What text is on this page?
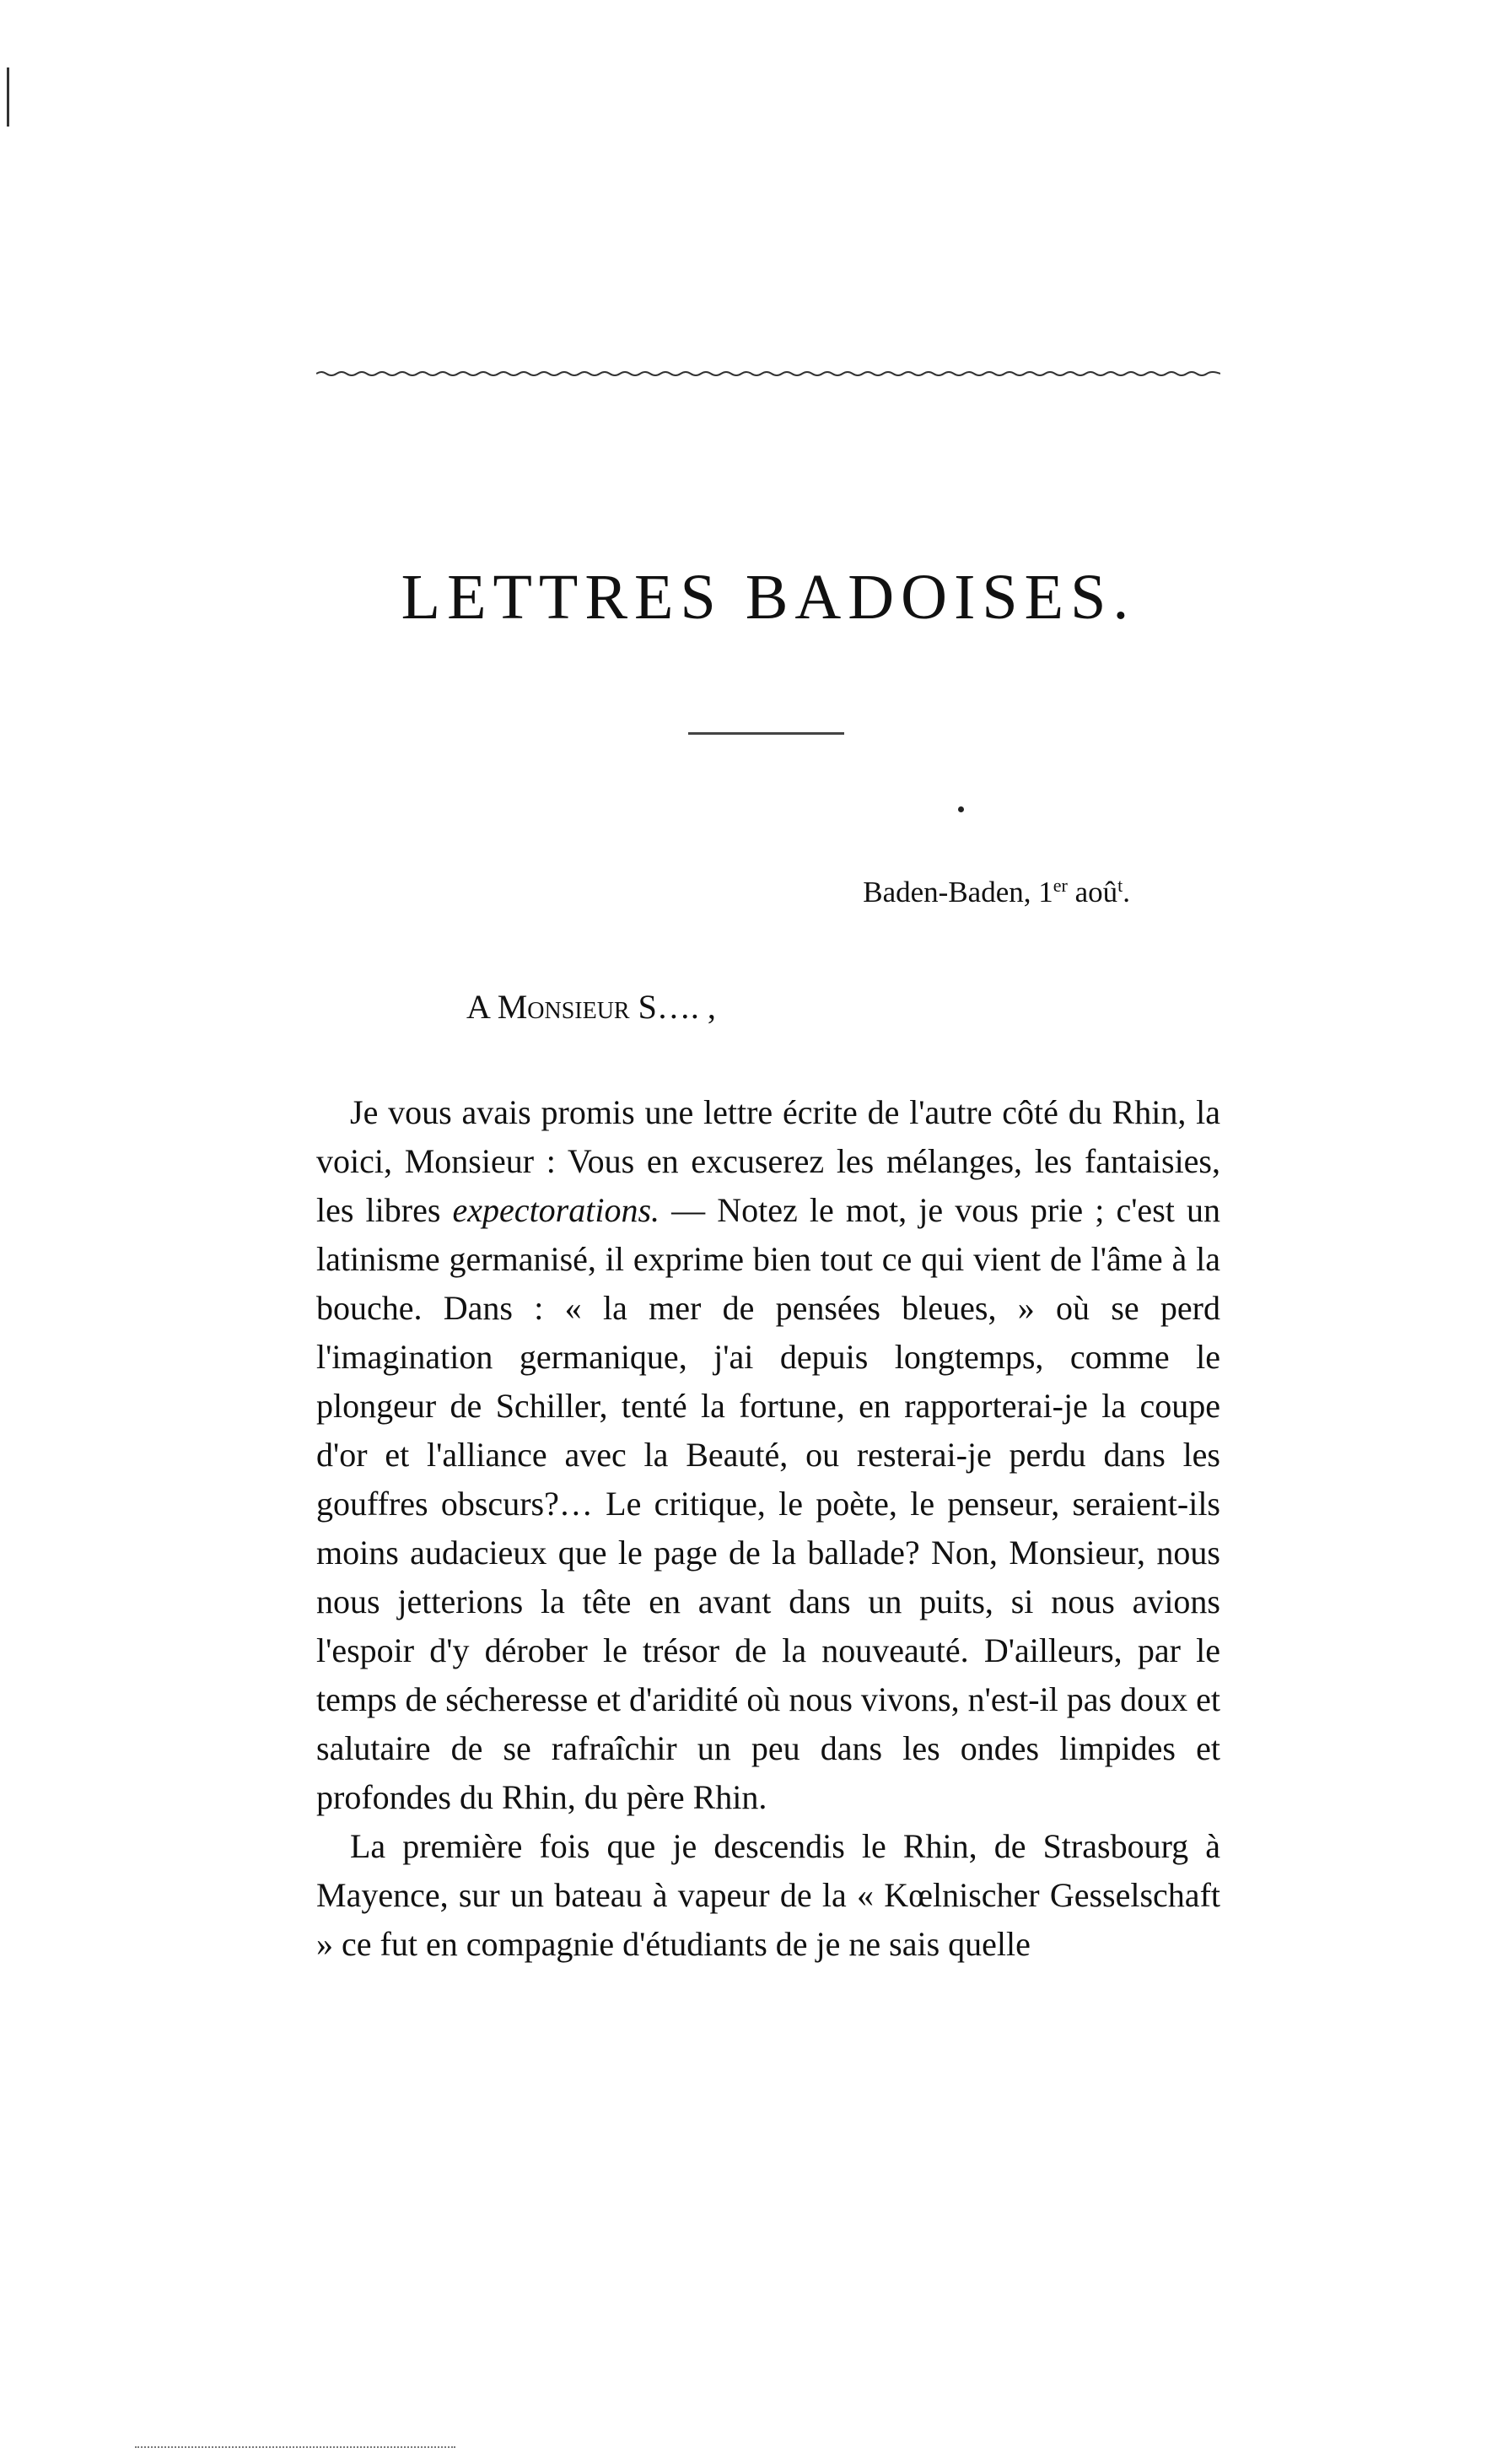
LETTRES BADOISES.
Baden-Baden, 1er aoû$^t$.
A Monsieur S…. ,

Je vous avais promis une lettre écrite de l'autre côté du Rhin, la voici, Monsieur : Vous en excuserez les mélanges, les fantaisies, les libres expectorations. — Notez le mot, je vous prie ; c'est un latinisme germanisé, il exprime bien tout ce qui vient de l'âme à la bouche. Dans : « la mer de pensées bleues, » où se perd l'imagination germanique, j'ai depuis longtemps, comme le plongeur de Schiller, tenté la fortune, en rapporterai-je la coupe d'or et l'alliance avec la Beauté, ou resterai-je perdu dans les gouffres obscurs?… Le critique, le poète, le penseur, seraient-ils moins audacieux que le page de la ballade? Non, Monsieur, nous nous jetterions la tête en avant dans un puits, si nous avions l'espoir d'y dérober le trésor de la nouveauté. D'ailleurs, par le temps de sécheresse et d'aridité où nous vivons, n'est-il pas doux et salutaire de se rafraîchir un peu dans les ondes limpides et profondes du Rhin, du père Rhin.

La première fois que je descendis le Rhin, de Strasbourg à Mayence, sur un bateau à vapeur de la « Kœlnischer Gesselschaft » ce fut en compagnie d'étudiants de je ne sais quelle
